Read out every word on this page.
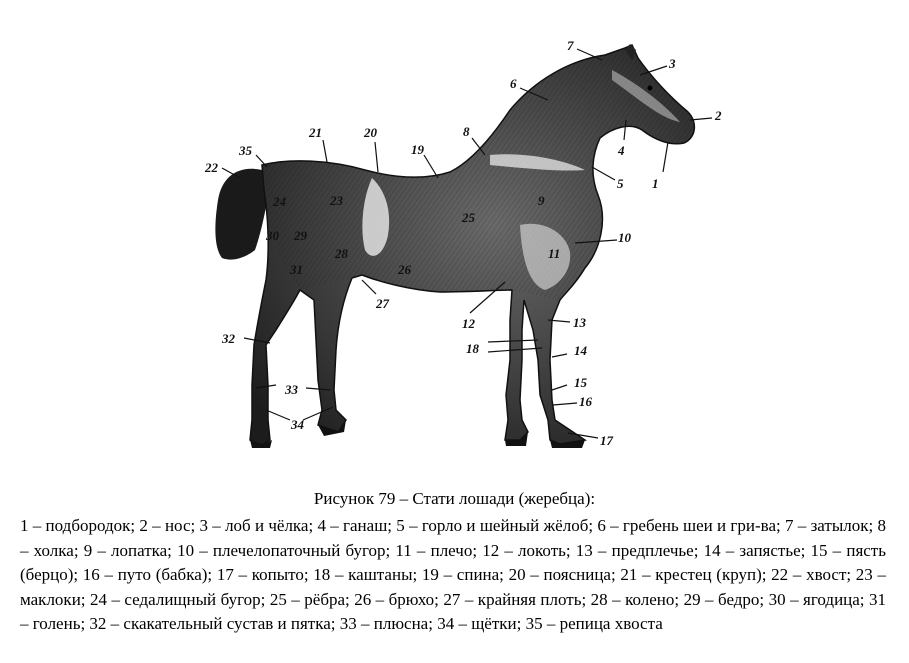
1
2
3
4
5
6
7
8
9
10
11
12	13
14
15
16
17
18
19
20
21
22
23
24
25
26
27
28
29
30
31
32
33
34
35
Рисунок 79 – Стати лошади (жеребца):
1 – подбородок; 2 – нос; 3 – лоб и чёлка; 4 – ганаш; 5 – горло и шейный жёлоб; 6 – гребень шеи и гри-ва; 7 – затылок; 8 – холка; 9 – лопатка; 10 – плечелопаточный бугор; 11 – плечо; 12 – локоть; 13 – предплечье; 14 – запястье; 15 – пясть (берцо); 16 – путо (бабка); 17 – копыто; 18 – каштаны; 19 – спина; 20 – поясница; 21 – крестец (круп); 22 – хвост; 23 – маклоки; 24 – седалищный бугор; 25 – рёбра; 26 – брюхо; 27 – крайняя плоть; 28 – колено; 29 – бедро; 30 – ягодица; 31 – голень; 32 – скакательный сустав и пятка; 33 – плюсна; 34 – щётки; 35 – репица хвоста
